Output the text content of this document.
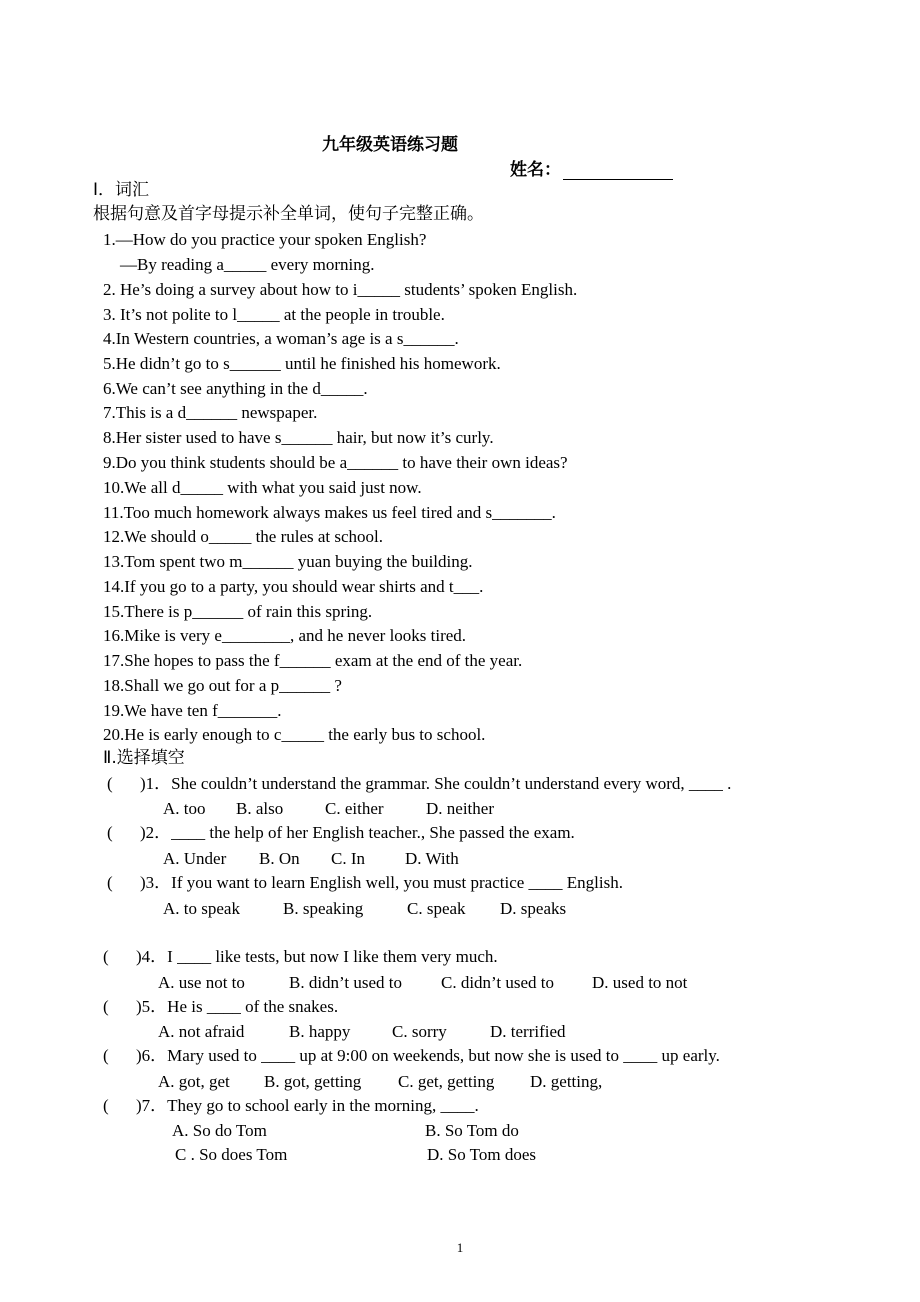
九年级英语练习题
姓名：
I．词汇
根据句意及首字母提示补全单词，使句子完整正确。
1.—How do you practice your spoken English?
—By reading a_____ every morning.
2. He’s doing a survey about how to i_____ students’ spoken English.
3. It’s not polite to l_____ at the people in trouble.
4.In Western countries, a woman’s age is a s______.
5.He didn’t go to s______ until he finished his homework.
6.We can’t see anything in the d_____.
7.This is a d______ newspaper.
8.Her sister used to have s______ hair, but now it’s curly.
9.Do you think students should be a______ to have their own ideas?
10.We all d_____ with what you said just now.
11.Too much homework always makes us feel tired and s_______.
12.We should o_____ the rules at school.
13.Tom spent two m______ yuan buying the building.
14.If you go to a party, you should wear shirts and t___.
15.There is p______ of rain this spring.
16.Mike is very e________, and he never looks tired.
17.She hopes to pass the f______ exam at the end of the year.
18.Shall we go out for a p______ ?
19.We have ten f_______.
20.He is early enough to c_____ the early bus to school.
Ⅱ.选择填空
( )1．She couldn’t understand the grammar. She couldn’t understand every word, ____ .
A. too B. also C. either D. neither
( )2．____ the help of her English teacher., She passed the exam.
A. Under B. On C. In D. With
( )3．If you want to learn English well, you must practice ____ English.
A. to speak	B. speaking	C. speak D. speaks
( )4．I ____ like tests, but now I like them very much.
A. use not to	B. didn’t used to C. didn’t used to D. used to not
( )5．He is ____ of the snakes.
A. not afraid	B. happy C. sorry	D. terrified
( )6．Mary used to ____ up at 9:00 on weekends, but now she is used to ____ up early.
A. got, get B. got, getting C. get, getting D. getting,
( )7．They go to school early in the morning, ____.
A. So do Tom	B. So Tom do
C . So does Tom	D. So Tom does
1
